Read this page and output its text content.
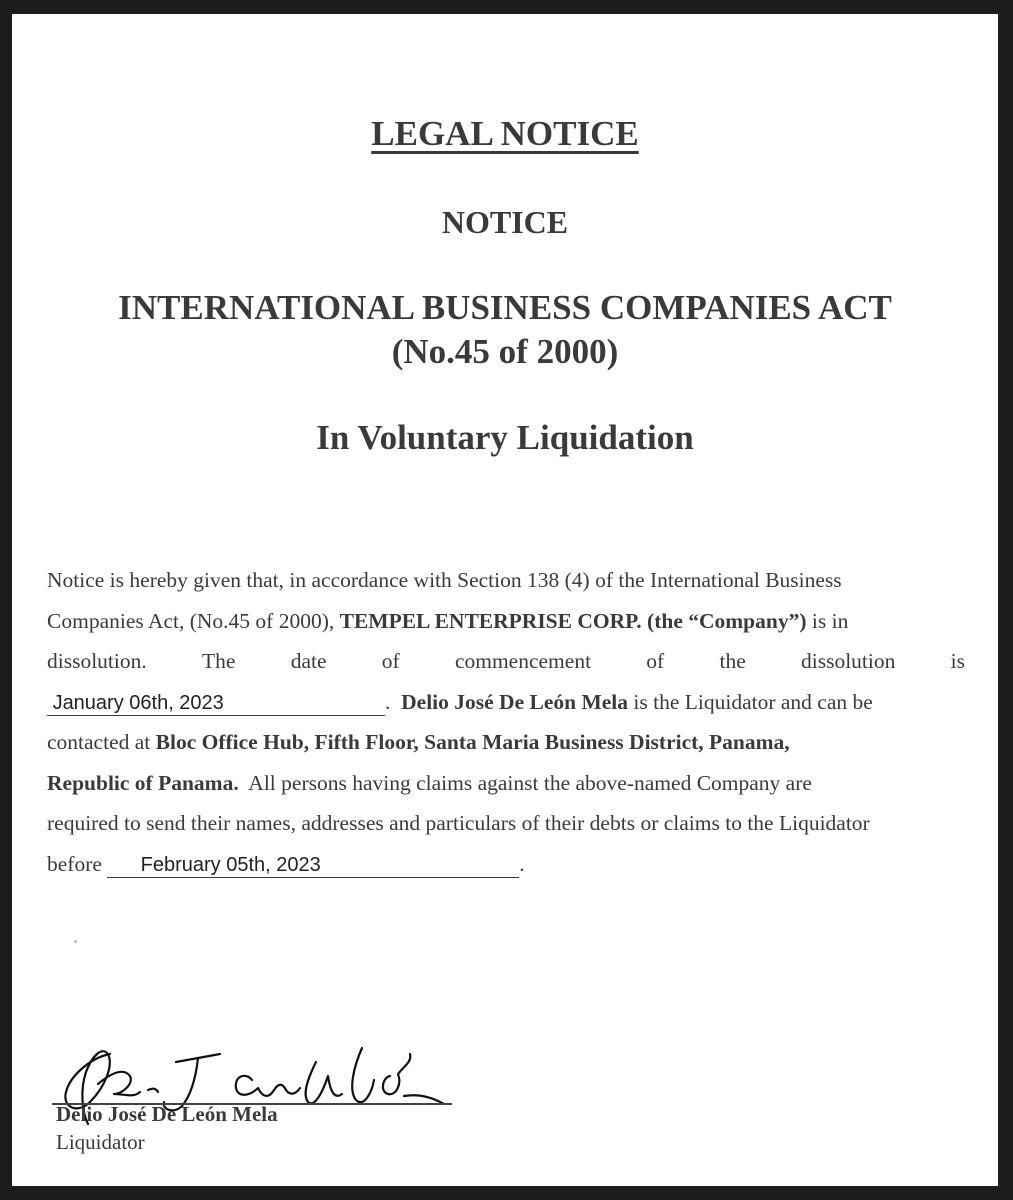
LEGAL NOTICE
NOTICE
INTERNATIONAL BUSINESS COMPANIES ACT
(No.45 of 2000)
In Voluntary Liquidation
Notice is hereby given that, in accordance with Section 138 (4) of the International Business
Companies Act, (No.45 of 2000), TEMPEL ENTERPRISE CORP. (the “Company”) is in
dissolution.	The	date	of	commencement	of	the	dissolution	is
January 06th, 2023	.  Delio José De León Mela is the Liquidator and can be
contacted at Bloc Office Hub, Fifth Floor, Santa Maria Business District, Panama,
Republic of Panama. All persons having claims against the above-named Company are
required to send their names, addresses and particulars of their debts or claims to the Liquidator
before February 05th, 2023	.
Delio José De León Mela
Liquidator
